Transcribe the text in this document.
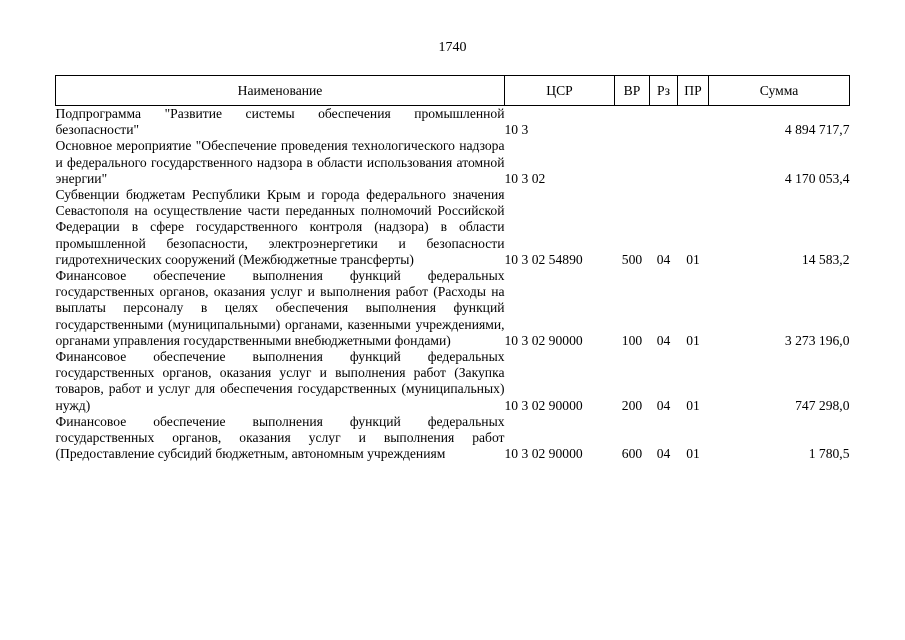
1740
Наименование	ЦСР	ВР	Рз	ПР	Сумма
Подпрограмма "Развитие системы обеспечения промышленной безопасности"	10 3				4 894 717,7
Основное мероприятие "Обеспечение проведения технологического надзора и федерального государственного надзора в области использования атомной энергии"	10 3 02				4 170 053,4
Субвенции бюджетам Республики Крым и города федерального значения Севастополя на осуществление части переданных полномочий Российской Федерации в сфере государственного контроля (надзора) в области промышленной безопасности, электроэнергетики и безопасности гидротехнических сооружений (Межбюджетные трансферты)	10 3 02 54890	500	04	01	14 583,2
Финансовое обеспечение выполнения функций федеральных государственных органов, оказания услуг и выполнения работ (Расходы на выплаты персоналу в целях обеспечения выполнения функций государственными (муниципальными) органами, казенными учреждениями, органами управления государственными внебюджетными фондами)	10 3 02 90000	100	04	01	3 273 196,0
Финансовое обеспечение выполнения функций федеральных государственных органов, оказания услуг и выполнения работ (Закупка товаров, работ и услуг для обеспечения государственных (муниципальных) нужд)	10 3 02 90000	200	04	01	747 298,0
Финансовое обеспечение выполнения функций федеральных государственных органов, оказания услуг и выполнения работ (Предоставление субсидий бюджетным, автономным учреждениям	10 3 02 90000	600	04	01	1 780,5
